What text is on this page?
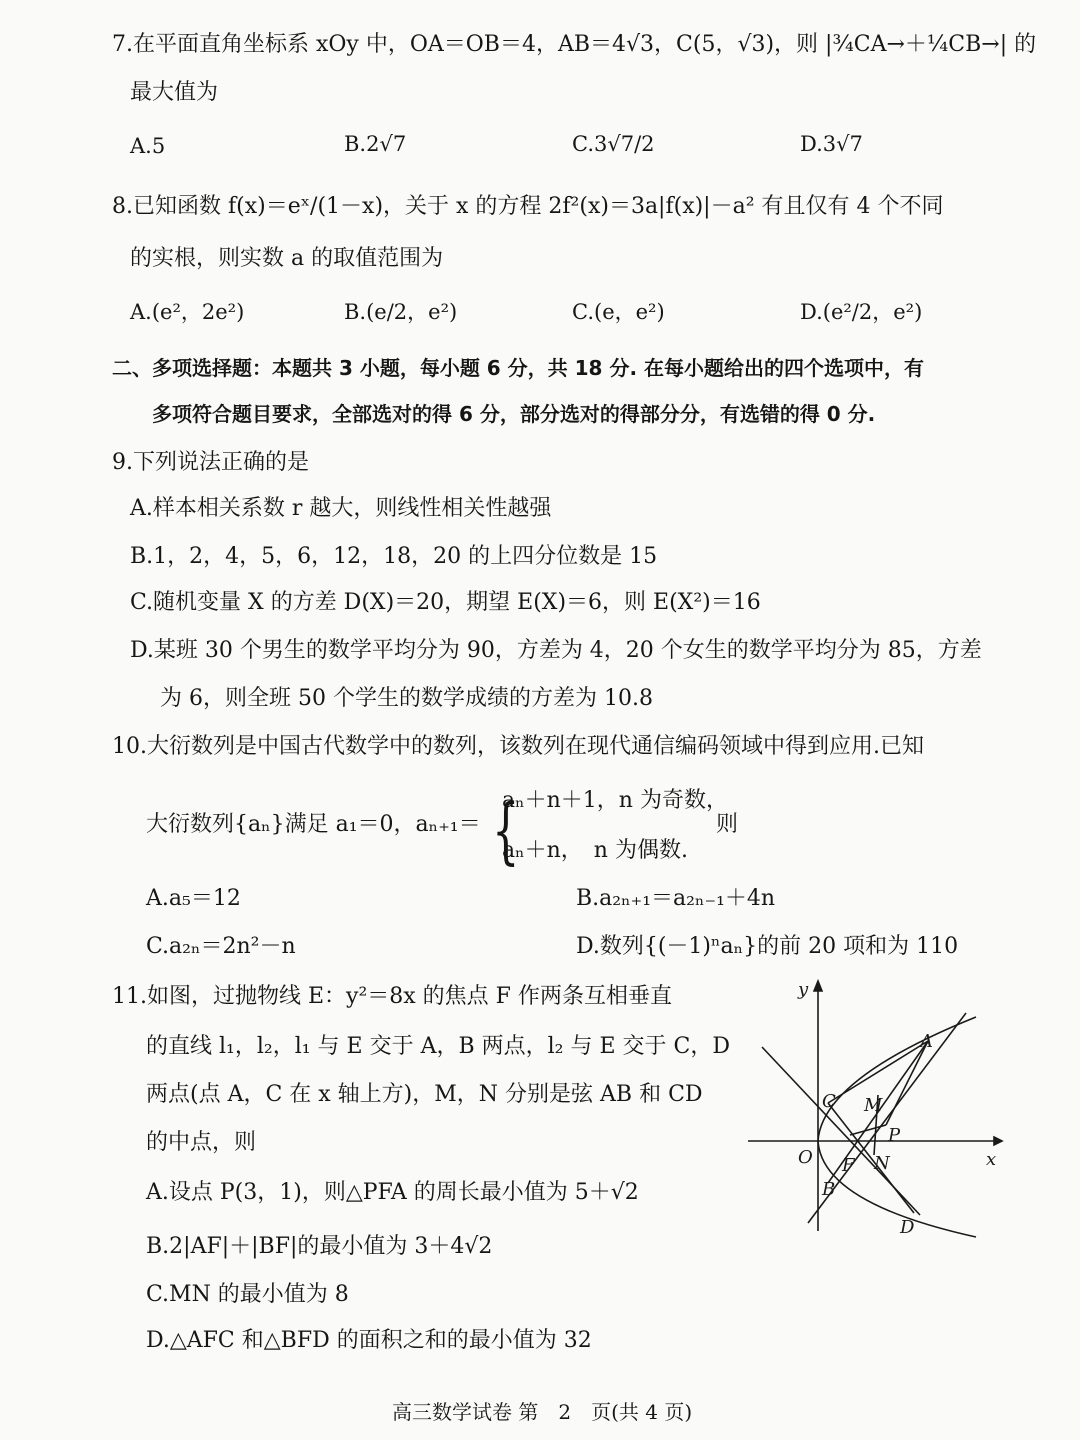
7.在平面直角坐标系 xOy 中，OA＝OB＝4，AB＝4√3，C(5，√3)，则 |¾CA→＋¼CB→| 的
最大值为
A.5	B.2√7	C.3√7/2	D.3√7
8.已知函数 f(x)＝eˣ/(1－x)，关于 x 的方程 2f²(x)＝3a|f(x)|－a² 有且仅有 4 个不同
的实根，则实数 a 的取值范围为
A.(e²，2e²)	B.(e/2，e²)	C.(e，e²)	D.(e²/2，e²)
二、多项选择题：本题共 3 小题，每小题 6 分，共 18 分. 在每小题给出的四个选项中，有
多项符合题目要求，全部选对的得 6 分，部分选对的得部分分，有选错的得 0 分.
9.下列说法正确的是
A.样本相关系数 r 越大，则线性相关性越强
B.1，2，4，5，6，12，18，20 的上四分位数是 15
C.随机变量 X 的方差 D(X)＝20，期望 E(X)＝6，则 E(X²)＝16
D.某班 30 个男生的数学平均分为 90，方差为 4，20 个女生的数学平均分为 85，方差
为 6，则全班 50 个学生的数学成绩的方差为 10.8
10.大衍数列是中国古代数学中的数列，该数列在现代通信编码领域中得到应用.已知
大衍数列{aₙ}满足 a₁＝0，aₙ₊₁＝ {
aₙ＋n＋1，n 为奇数，
aₙ＋n，　n 为偶数.
则
A.a₅＝12	B.a₂ₙ₊₁＝a₂ₙ₋₁＋4n
C.a₂ₙ＝2n²－n	D.数列{(－1)ⁿaₙ}的前 20 项和为 110
11.如图，过抛物线 E：y²＝8x 的焦点 F 作两条互相垂直
的直线 l₁，l₂，l₁ 与 E 交于 A，B 两点，l₂ 与 E 交于 C，D
两点(点 A，C 在 x 轴上方)，M，N 分别是弦 AB 和 CD
的中点，则
A.设点 P(3，1)，则△PFA 的周长最小值为 5＋√2
B.2|AF|＋|BF|的最小值为 3＋4√2
C.MN 的最小值为 8
D.△AFC 和△BFD 的面积之和的最小值为 32
y
x
O
A
B
C
D
F
M
N
P
高三数学试卷 第　2　页(共 4 页)
